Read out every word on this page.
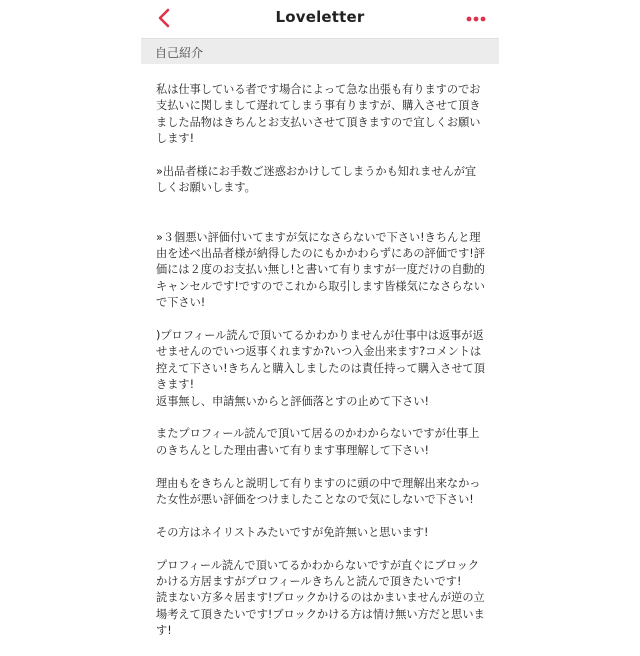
Loveletter
自己紹介

私は仕事している者です場合によって急な出張も有りますのでお支払いに関しまして遅れてしまう事有りますが、購入させて頂きました品物はきちんとお支払いさせて頂きますので宜しくお願いします!

»出品者様にお手数ご迷惑おかけしてしまうかも知れませんが宜しくお願いします。

»３個悪い評価付いてますが気になさらないで下さい!きちんと理由を述べ出品者様が納得したのにもかかわらずにあの評価です!評価には２度のお支払い無し!と書いて有りますが一度だけの自動的キャンセルです!ですのでこれから取引します皆様気になさらないで下さい!

)プロフィール読んで頂いてるかわかりませんが仕事中は返事が返せませんのでいつ返事くれますか?いつ入金出来ます?コメントは控えて下さい!きちんと購入しましたのは責任持って購入させて頂きます!
返事無し、申請無いからと評価落とすの止めて下さい!

またプロフィール読んで頂いて居るのかわからないですが仕事上のきちんとした理由書いて有ります事理解して下さい!

理由もをきちんと説明して有りますのに頭の中で理解出来なかった女性が悪い評価をつけましたことなので気にしないで下さい!

その方はネイリストみたいですが免許無いと思います!

プロフィール読んで頂いてるかわからないですが直ぐにブロックかける方居ますがプロフィールきちんと読んで頂きたいです!
読まない方多々居ます!ブロックかけるのはかまいませんが逆の立場考えて頂きたいです!ブロックかける方は情け無い方だと思います!
